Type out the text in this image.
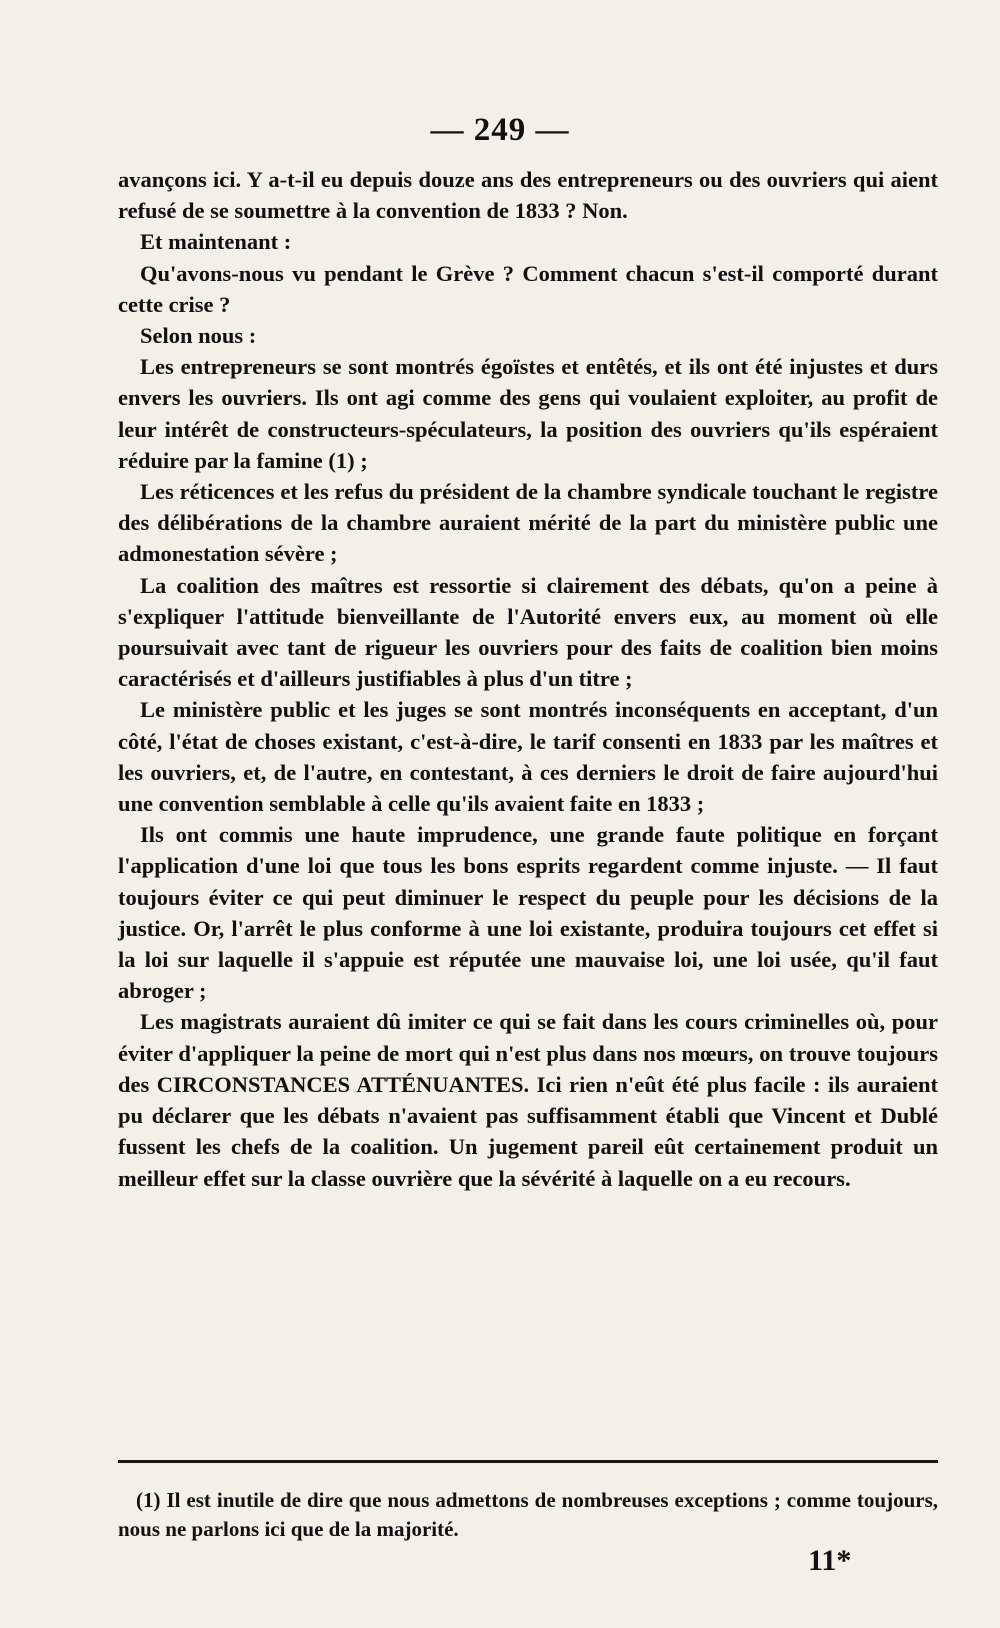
— 249 —

avançons ici. Y a-t-il eu depuis douze ans des entrepreneurs ou des ouvriers qui aient refusé de se soumettre à la convention de 1833 ? Non.

Et maintenant :

Qu'avons-nous vu pendant le Grève ? Comment chacun s'est-il comporté durant cette crise ?

Selon nous :

Les entrepreneurs se sont montrés égoïstes et entêtés, et ils ont été injustes et durs envers les ouvriers. Ils ont agi comme des gens qui voulaient exploiter, au profit de leur intérêt de constructeurs-spéculateurs, la position des ouvriers qu'ils espéraient réduire par la famine (1) ;

Les réticences et les refus du président de la chambre syndicale touchant le registre des délibérations de la chambre auraient mérité de la part du ministère public une admonestation sévère ;

La coalition des maîtres est ressortie si clairement des débats, qu'on a peine à s'expliquer l'attitude bienveillante de l'Autorité envers eux, au moment où elle poursuivait avec tant de rigueur les ouvriers pour des faits de coalition bien moins caractérisés et d'ailleurs justifiables à plus d'un titre ;

Le ministère public et les juges se sont montrés inconséquents en acceptant, d'un côté, l'état de choses existant, c'est-à-dire, le tarif consenti en 1833 par les maîtres et les ouvriers, et, de l'autre, en contestant, à ces derniers le droit de faire aujourd'hui une convention semblable à celle qu'ils avaient faite en 1833 ;

Ils ont commis une haute imprudence, une grande faute politique en forçant l'application d'une loi que tous les bons esprits regardent comme injuste. — Il faut toujours éviter ce qui peut diminuer le respect du peuple pour les décisions de la justice. Or, l'arrêt le plus conforme à une loi existante, produira toujours cet effet si la loi sur laquelle il s'appuie est réputée une mauvaise loi, une loi usée, qu'il faut abroger ;

Les magistrats auraient dû imiter ce qui se fait dans les cours criminelles où, pour éviter d'appliquer la peine de mort qui n'est plus dans nos mœurs, on trouve toujours des CIRCONSTANCES ATTÉNUANTES. Ici rien n'eût été plus facile : ils auraient pu déclarer que les débats n'avaient pas suffisamment établi que Vincent et Dublé fussent les chefs de la coalition. Un jugement pareil eût certainement produit un meilleur effet sur la classe ouvrière que la sévérité à laquelle on a eu recours.

(1) Il est inutile de dire que nous admettons de nombreuses exceptions ; comme toujours, nous ne parlons ici que de la majorité.

11*
